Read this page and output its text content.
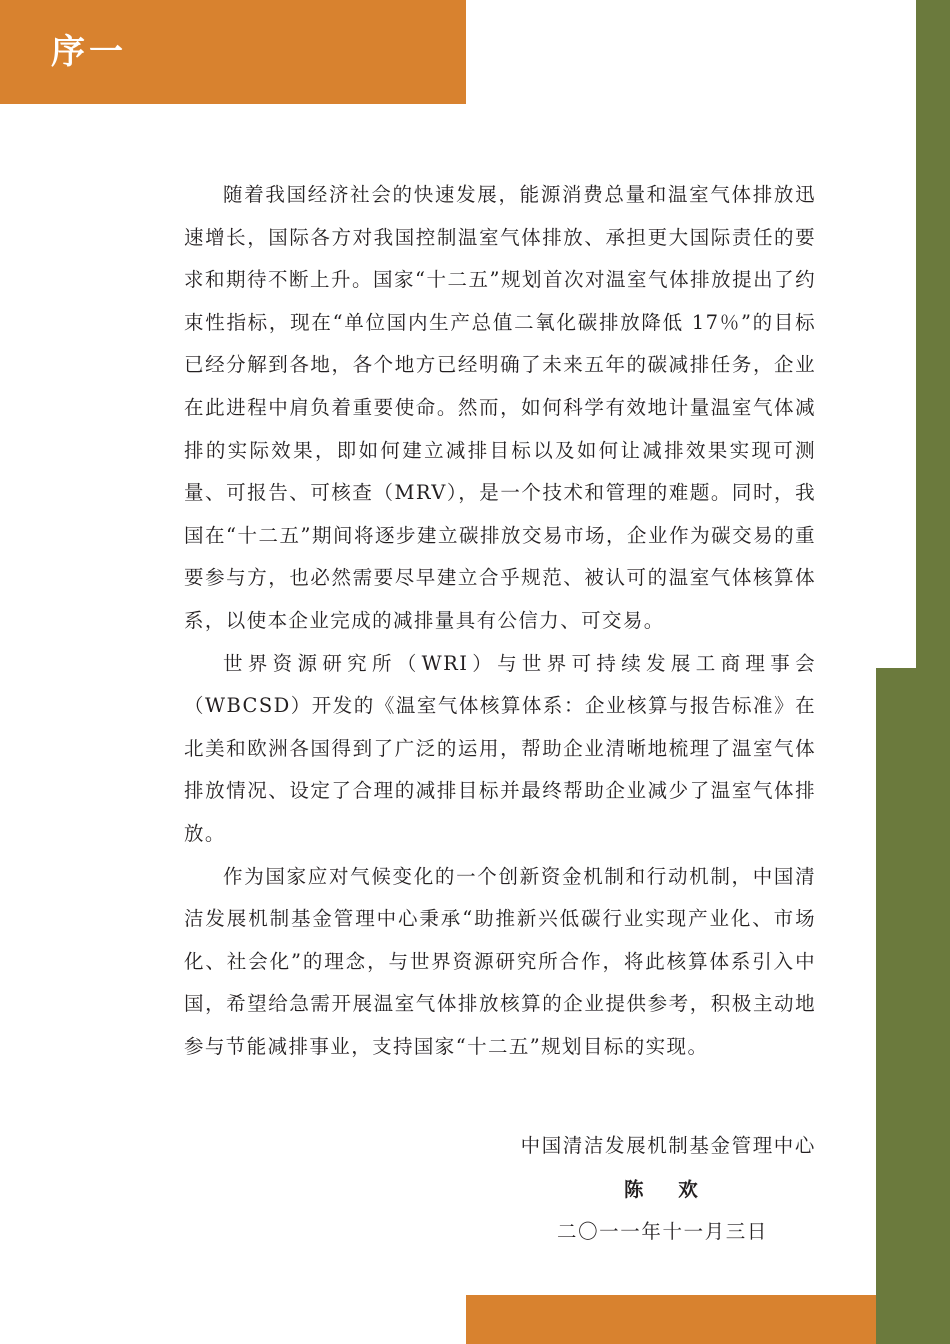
序一

随着我国经济社会的快速发展，能源消费总量和温室气体排放迅速增长，国际各方对我国控制温室气体排放、承担更大国际责任的要求和期待不断上升。国家“十二五”规划首次对温室气体排放提出了约束性指标，现在“单位国内生产总值二氧化碳排放降低 17％”的目标已经分解到各地，各个地方已经明确了未来五年的碳减排任务，企业在此进程中肩负着重要使命。然而，如何科学有效地计量温室气体减排的实际效果，即如何建立减排目标以及如何让减排效果实现可测量、可报告、可核查（MRV），是一个技术和管理的难题。同时，我国在“十二五”期间将逐步建立碳排放交易市场，企业作为碳交易的重要参与方，也必然需要尽早建立合乎规范、被认可的温室气体核算体系，以使本企业完成的减排量具有公信力、可交易。

世界资源研究所（WRI）与世界可持续发展工商理事会（WBCSD）开发的《温室气体核算体系：企业核算与报告标准》在北美和欧洲各国得到了广泛的运用，帮助企业清晰地梳理了温室气体排放情况、设定了合理的减排目标并最终帮助企业减少了温室气体排放。

作为国家应对气候变化的一个创新资金机制和行动机制，中国清洁发展机制基金管理中心秉承“助推新兴低碳行业实现产业化、市场化、社会化”的理念，与世界资源研究所合作，将此核算体系引入中国，希望给急需开展温室气体排放核算的企业提供参考，积极主动地参与节能减排事业，支持国家“十二五”规划目标的实现。

中国清洁发展机制基金管理中心
陈 欢
二〇一一年十一月三日
